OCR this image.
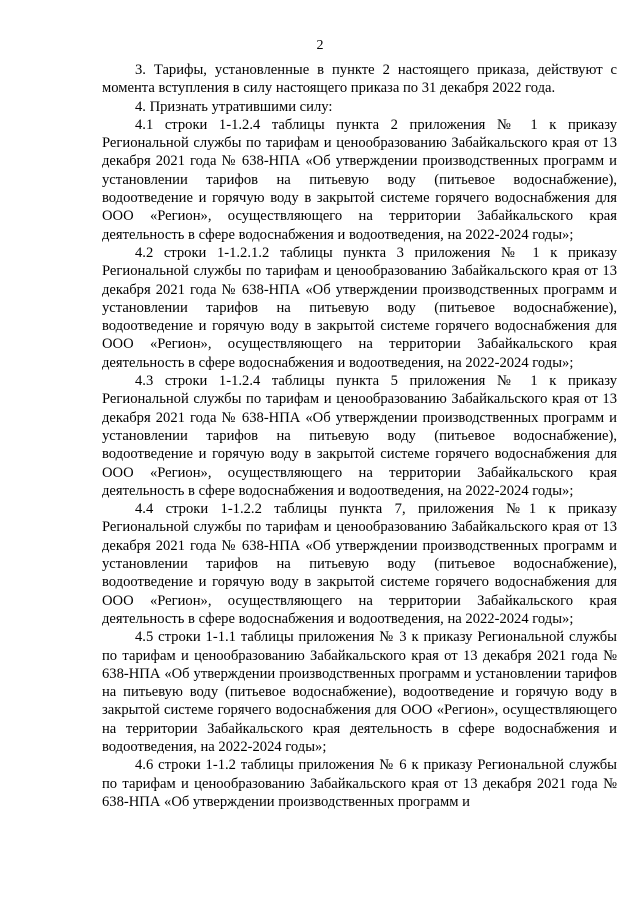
2

3. Тарифы, установленные в пункте 2 настоящего приказа, действуют с момента вступления в силу настоящего приказа по 31 декабря 2022 года.

4. Признать утратившими силу:

4.1 строки 1-1.2.4 таблицы пункта 2 приложения № 1 к приказу Региональной службы по тарифам и ценообразованию Забайкальского края от 13 декабря 2021 года № 638-НПА «Об утверждении производственных программ и установлении тарифов на питьевую воду (питьевое водоснабжение), водоотведение и горячую воду в закрытой системе горячего водоснабжения для ООО «Регион», осуществляющего на территории Забайкальского края деятельность в сфере водоснабжения и водоотведения, на 2022-2024 годы»;

4.2 строки 1-1.2.1.2 таблицы пункта 3 приложения № 1 к приказу Региональной службы по тарифам и ценообразованию Забайкальского края от 13 декабря 2021 года № 638-НПА «Об утверждении производственных программ и установлении тарифов на питьевую воду (питьевое водоснабжение), водоотведение и горячую воду в закрытой системе горячего водоснабжения для ООО «Регион», осуществляющего на территории Забайкальского края деятельность в сфере водоснабжения и водоотведения, на 2022-2024 годы»;

4.3 строки 1-1.2.4 таблицы пункта 5 приложения № 1 к приказу Региональной службы по тарифам и ценообразованию Забайкальского края от 13 декабря 2021 года № 638-НПА «Об утверждении производственных программ и установлении тарифов на питьевую воду (питьевое водоснабжение), водоотведение и горячую воду в закрытой системе горячего водоснабжения для ООО «Регион», осуществляющего на территории Забайкальского края деятельность в сфере водоснабжения и водоотведения, на 2022-2024 годы»;

4.4 строки 1-1.2.2 таблицы пункта 7, приложения №1 к приказу Региональной службы по тарифам и ценообразованию Забайкальского края от 13 декабря 2021 года № 638-НПА «Об утверждении производственных программ и установлении тарифов на питьевую воду (питьевое водоснабжение), водоотведение и горячую воду в закрытой системе горячего водоснабжения для ООО «Регион», осуществляющего на территории Забайкальского края деятельность в сфере водоснабжения и водоотведения, на 2022-2024 годы»;

4.5 строки 1-1.1 таблицы приложения № 3 к приказу Региональной службы по тарифам и ценообразованию Забайкальского края от 13 декабря 2021 года № 638-НПА «Об утверждении производственных программ и установлении тарифов на питьевую воду (питьевое водоснабжение), водоотведение и горячую воду в закрытой системе горячего водоснабжения для ООО «Регион», осуществляющего на территории Забайкальского края деятельность в сфере водоснабжения и водоотведения, на 2022-2024 годы»;

4.6 строки 1-1.2 таблицы приложения № 6 к приказу Региональной службы по тарифам и ценообразованию Забайкальского края от 13 декабря 2021 года № 638-НПА «Об утверждении производственных программ и
